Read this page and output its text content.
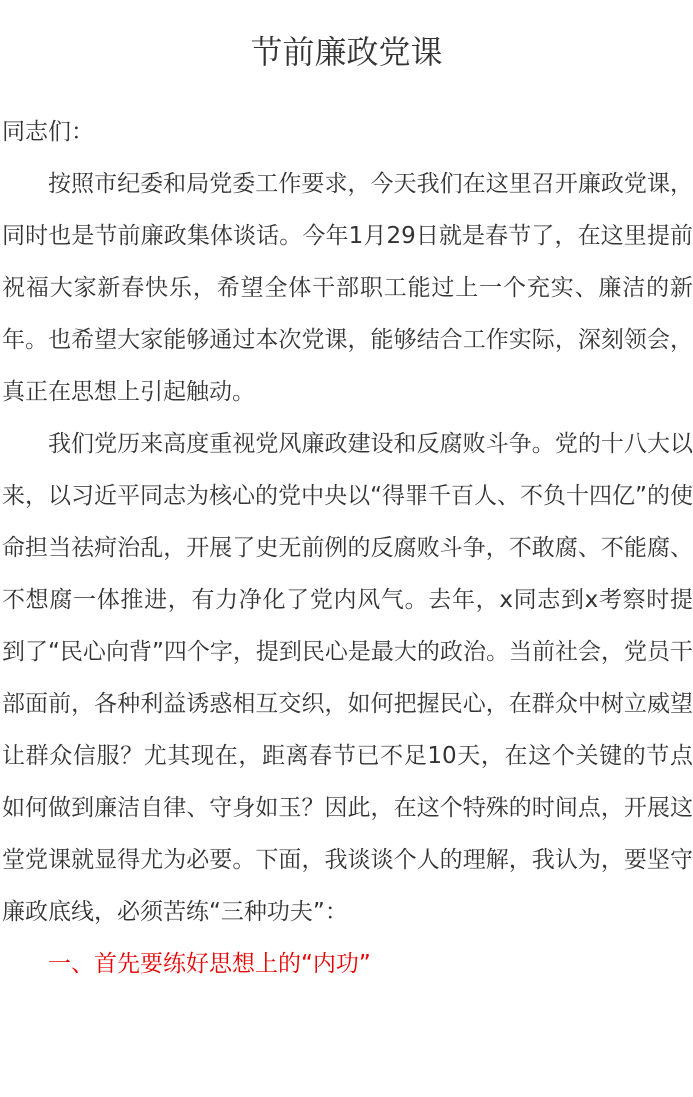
节前廉政党课

同志们：

按照市纪委和局党委工作要求，今天我们在这里召开廉政党课，同时也是节前廉政集体谈话。今年1月29日就是春节了，在这里提前祝福大家新春快乐，希望全体干部职工能过上一个充实、廉洁的新年。也希望大家能够通过本次党课，能够结合工作实际，深刻领会，真正在思想上引起触动。

我们党历来高度重视党风廉政建设和反腐败斗争。党的十八大以来，以习近平同志为核心的党中央以“得罪千百人、不负十四亿”的使命担当祛疴治乱，开展了史无前例的反腐败斗争，不敢腐、不能腐、不想腐一体推进，有力净化了党内风气。去年，x同志到x考察时提到了“民心向背”四个字，提到民心是最大的政治。当前社会，党员干部面前，各种利益诱惑相互交织，如何把握民心，在群众中树立威望让群众信服？尤其现在，距离春节已不足10天，在这个关键的节点如何做到廉洁自律、守身如玉？因此，在这个特殊的时间点，开展这堂党课就显得尤为必要。下面，我谈谈个人的理解，我认为，要坚守廉政底线，必须苦练“三种功夫”：

一、首先要练好思想上的“内功”
